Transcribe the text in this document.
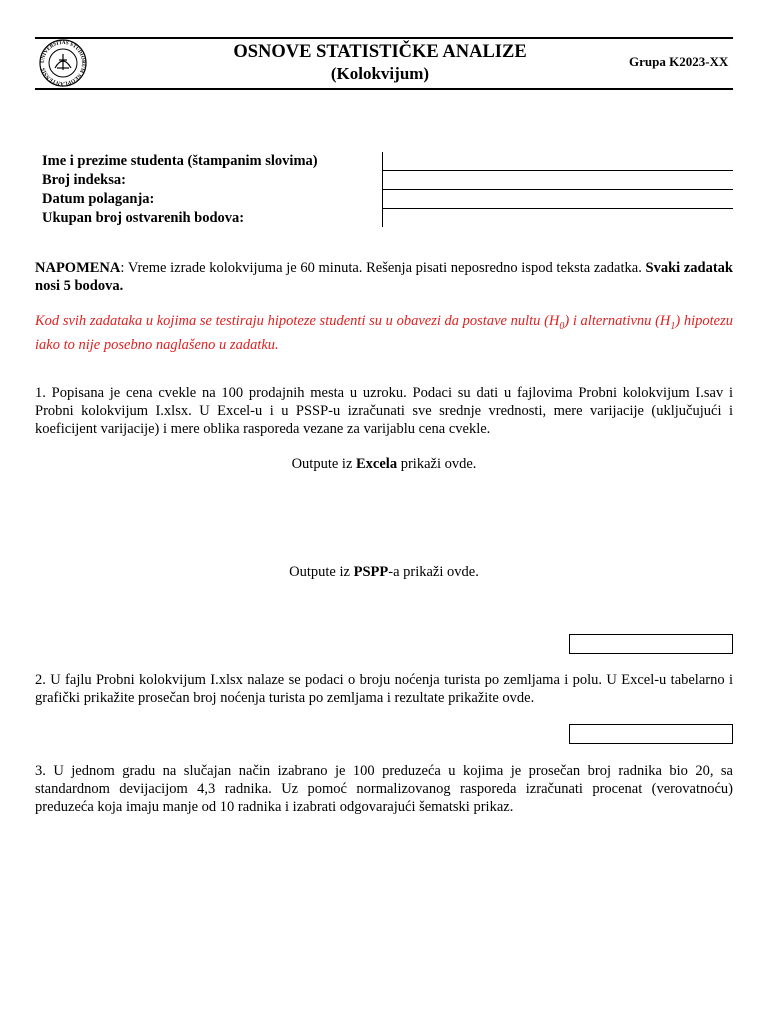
UNIVERSITAS STUDIORUM NEOPLANTENSIS
OSNOVE STATISTIČKE ANALIZE
(Kolokvijum)
Grupa K2023-XX
Ime i prezime studenta (štampanim slovima)	
Broj indeksa:	
Datum polaganja:	
Ukupan broj ostvarenih bodova:	
NAPOMENA: Vreme izrade kolokvijuma je 60 minuta. Rešenja pisati neposredno ispod teksta zadatka. Svaki zadatak nosi 5 bodova.
Kod svih zadataka u kojima se testiraju hipoteze studenti su u obavezi da postave nultu $(H_0)$ i alternativnu $(H_1)$ hipotezu iako to nije posebno naglašeno u zadatku.
1. Popisana je cena cvekle na 100 prodajnih mesta u uzroku. Podaci su dati u fajlovima Probni kolokvijum I.sav i Probni kolokvijum I.xlsx. U Excel-u i u PSSP-u izračunati sve srednje vrednosti, mere varijacije (uključujući i koeficijent varijacije) i mere oblika rasporeda vezane za varijablu cena cvekle.
Outpute iz Excela prikaži ovde.
Outpute iz PSPP-a prikaži ovde.
2. U fajlu Probni kolokvijum I.xlsx nalaze se podaci o broju noćenja turista po zemljama i polu. U Excel-u tabelarno i grafički prikažite prosečan broj noćenja turista po zemljama i rezultate prikažite ovde.
3. U jednom gradu na slučajan način izabrano je 100 preduzeća u kojima je prosečan broj radnika bio 20, sa standardnom devijacijom 4,3 radnika. Uz pomoć normalizovanog rasporeda izračunati procenat (verovatnoću) preduzeća koja imaju manje od 10 radnika i izabrati odgovarajući šematski prikaz.
